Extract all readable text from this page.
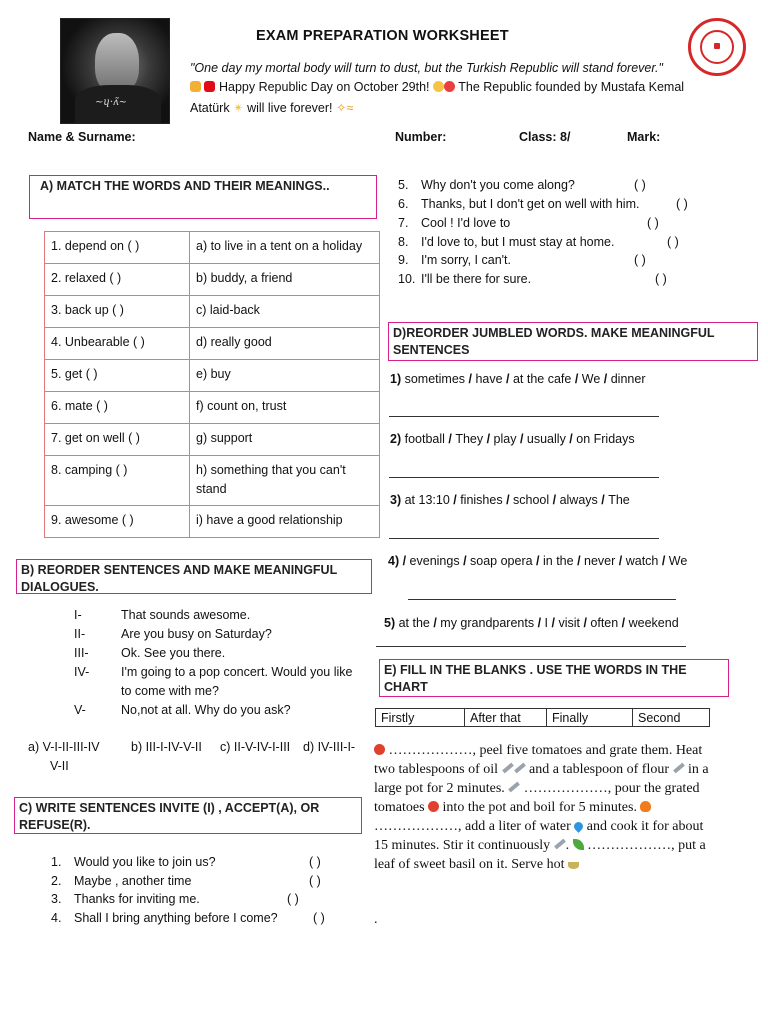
~ɥ·ʌ̃~
EXAM PREPARATION WORKSHEET
"One day my mortal body will turn to dust, but the Turkish Republic will stand forever."
Happy Republic Day on October 29th! The Republic founded by Mustafa Kemal
Atatürk ✴ will live forever! ✧≈
Name & Surname:	Number:	Class: 8/	Mark:
A) MATCH THE WORDS AND THEIR MEANINGS..
1. depend on ( )	a) to live in a tent on a holiday
2. relaxed ( )	b) buddy, a friend
3. back up ( )	c) laid-back
4. Unbearable ( )	d) really good
5. get ( )	e) buy
6. mate ( )	f) count on, trust
7. get on well ( )	g) support
8. camping ( )	h) something that you can't stand
9. awesome ( )	i) have a good relationship
B) REORDER SENTENCES AND MAKE MEANINGFUL DIALOGUES.
I-	That sounds awesome.
II-	Are you busy on Saturday?
III-	Ok. See you there.
IV-	I'm going to a pop concert. Would you like
to come with me?
V-	No,not at all. Why do you ask?
a) V-I-II-III-IV	b) III-I-IV-V-II c) II-V-IV-I-III d) IV-III-I-
V-II
C) WRITE SENTENCES INVITE (I) , ACCEPT(A), OR REFUSE(R).
1. Would you like to join us?	( )
2. Maybe , another time	( )
3. Thanks for inviting me.	( )
4. Shall I bring anything before I come?	( )
5. Why don't you come along?	( )
6. Thanks, but I don't get on well with him.	( )
7. Cool ! I'd love to	( )
8. I'd love to, but I must stay at home.	( )
9. I'm sorry, I can't.	( )
10. I'll be there for sure.	( )
D)REORDER JUMBLED WORDS. MAKE MEANINGFUL SENTENCES
1) sometimes / have / at the cafe / We / dinner
2) football / They / play / usually / on Fridays
3) at 13:10 / finishes / school / always / The
4) / evenings / soap opera / in the / never / watch / We
5) at the / my grandparents / I / visit / often / weekend
E) FILL IN THE BLANKS . USE THE WORDS IN THE CHART
Firstly	After that	Finally	Second
………………, peel five tomatoes and grate them. Heat two tablespoons of oil and a tablespoon of flour in a large pot for 2 minutes. ………………, pour the grated tomatoes into the pot and boil for 5 minutes.  ………………, add a liter of water and cook it for about 15 minutes. Stir it continuously .  ………………, put a leaf of sweet basil on it. Serve hot
.
